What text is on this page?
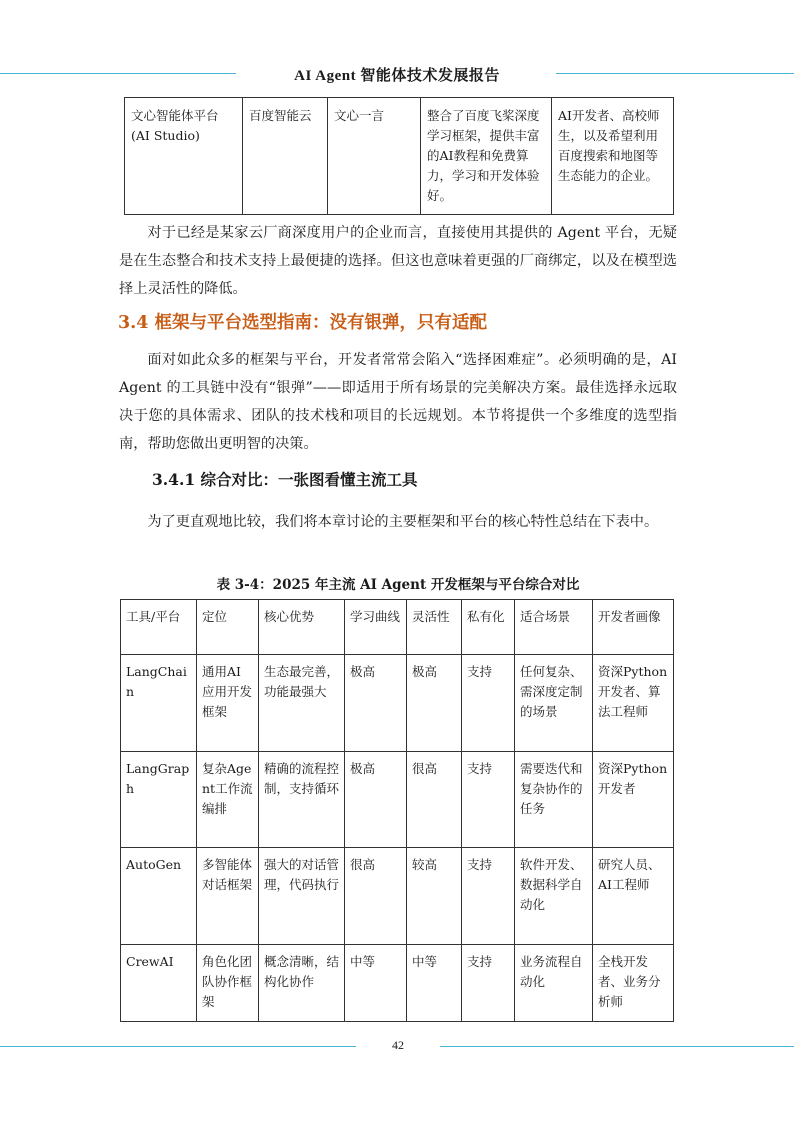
AI Agent 智能体技术发展报告
文心智能体平台 (AI Studio)	百度智能云	文心一言	整合了百度飞桨深度学习框架，提供丰富的AI教程和免费算力，学习和开发体验好。	AI开发者、高校师生，以及希望利用百度搜索和地图等生态能力的企业。

对于已经是某家云厂商深度用户的企业而言，直接使用其提供的 Agent 平台，无疑是在生态整合和技术支持上最便捷的选择。但这也意味着更强的厂商绑定，以及在模型选择上灵活性的降低。

3.4 框架与平台选型指南：没有银弹，只有适配

面对如此众多的框架与平台，开发者常常会陷入“选择困难症”。必须明确的是，AI Agent 的工具链中没有“银弹”——即适用于所有场景的完美解决方案。最佳选择永远取决于您的具体需求、团队的技术栈和项目的长远规划。本节将提供一个多维度的选型指南，帮助您做出更明智的决策。

3.4.1 综合对比：一张图看懂主流工具

为了更直观地比较，我们将本章讨论的主要框架和平台的核心特性总结在下表中。

表 3-4：2025 年主流 AI Agent 开发框架与平台综合对比
工具/平台	定位	核心优势	学习曲线	灵活性	私有化	适合场景	开发者画像
LangChain	通用AI应用开发框架	生态最完善，功能最强大	极高	极高	支持	任何复杂、需深度定制的场景	资深Python开发者、算法工程师
LangGraph	复杂Agent工作流编排	精确的流程控制，支持循环	极高	很高	支持	需要迭代和复杂协作的任务	资深Python开发者
AutoGen	多智能体对话框架	强大的对话管理，代码执行	很高	较高	支持	软件开发、数据科学自动化	研究人员、AI工程师
CrewAI	角色化团队协作框架	概念清晰，结构化协作	中等	中等	支持	业务流程自动化	全栈开发者、业务分析师
42
